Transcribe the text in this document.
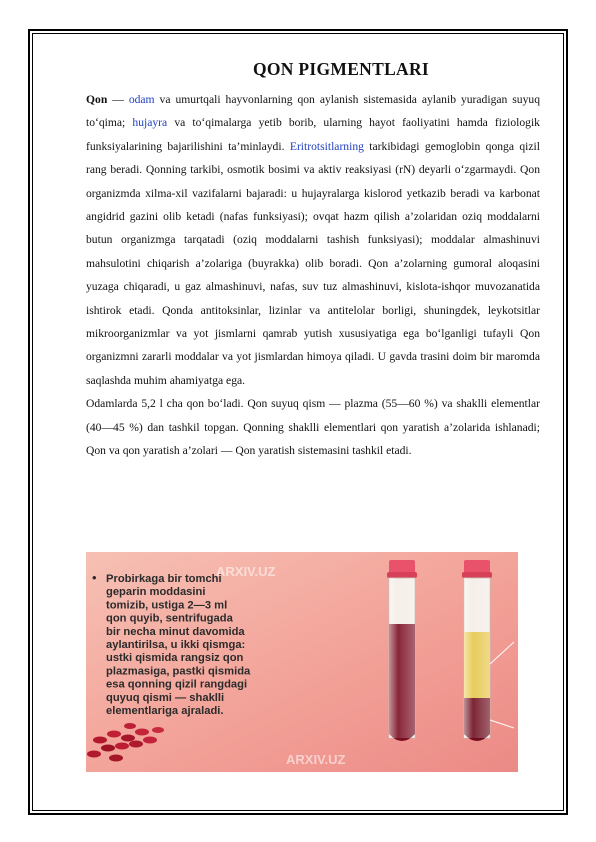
QON PIGMENTLARI

Qon — odam va umurtqali hayvonlarning qon aylanish sistemasida aylanib yuradigan suyuq to‘qima; hujayra va to‘qimalarga yetib borib, ularning hayot faoliyatini hamda fiziologik funksiyalarining bajarilishini ta’minlaydi. Eritrotsitlarning tarkibidagi gemoglobin qonga qizil rang beradi. Qonning tarkibi, osmotik bosimi va aktiv reaksiyasi (rN) deyarli o‘zgarmaydi. Qon organizmda xilma-xil vazifalarni bajaradi: u hujayralarga kislorod yetkazib beradi va karbonat angidrid gazini olib ketadi (nafas funksiyasi); ovqat hazm qilish a’zolaridan oziq moddalarni butun organizmga tarqatadi (oziq moddalarni tashish funksiyasi); moddalar almashinuvi mahsulotini chiqarish a’zolariga (buyrakka) olib boradi. Qon a’zolarning gumoral aloqasini yuzaga chiqaradi, u gaz almashinuvi, nafas, suv tuz almashinuvi, kislota-ishqor muvozanatida ishtirok etadi. Qonda antitoksinlar, lizinlar va antitelolar borligi, shuningdek, leykotsitlar mikroorganizmlar va yot jismlarni qamrab yutish xususiyatiga ega bo‘lganligi tufayli Qon organizmni zararli moddalar va yot jismlardan himoya qiladi. U gavda trasini doim bir maromda saqlashda muhim ahamiyatga ega.

Odamlarda 5,2 l cha qon bo‘ladi. Qon suyuq qism — plazma (55—60 %) va shaklli elementlar (40—45 %) dan tashkil topgan. Qonning shaklli elementlari qon yaratish a’zolarida ishlanadi; Qon va qon yaratish a’zolari — Qon yaratish sistemasini tashkil etadi.

ARXIV.UZ
ARXIV.UZ
• Probirkaga bir tomchi
geparin moddasini
tomizib, ustiga 2—3 ml
qon quyib, sentrifugada
bir necha minut davomida
aylantirilsa, u ikki qismga:
ustki qismida rangsiz qon
plazmasiga, pastki qismida
esa qonning qizil rangdagi
quyuq qismi — shaklli
elementlariga ajraladi.
